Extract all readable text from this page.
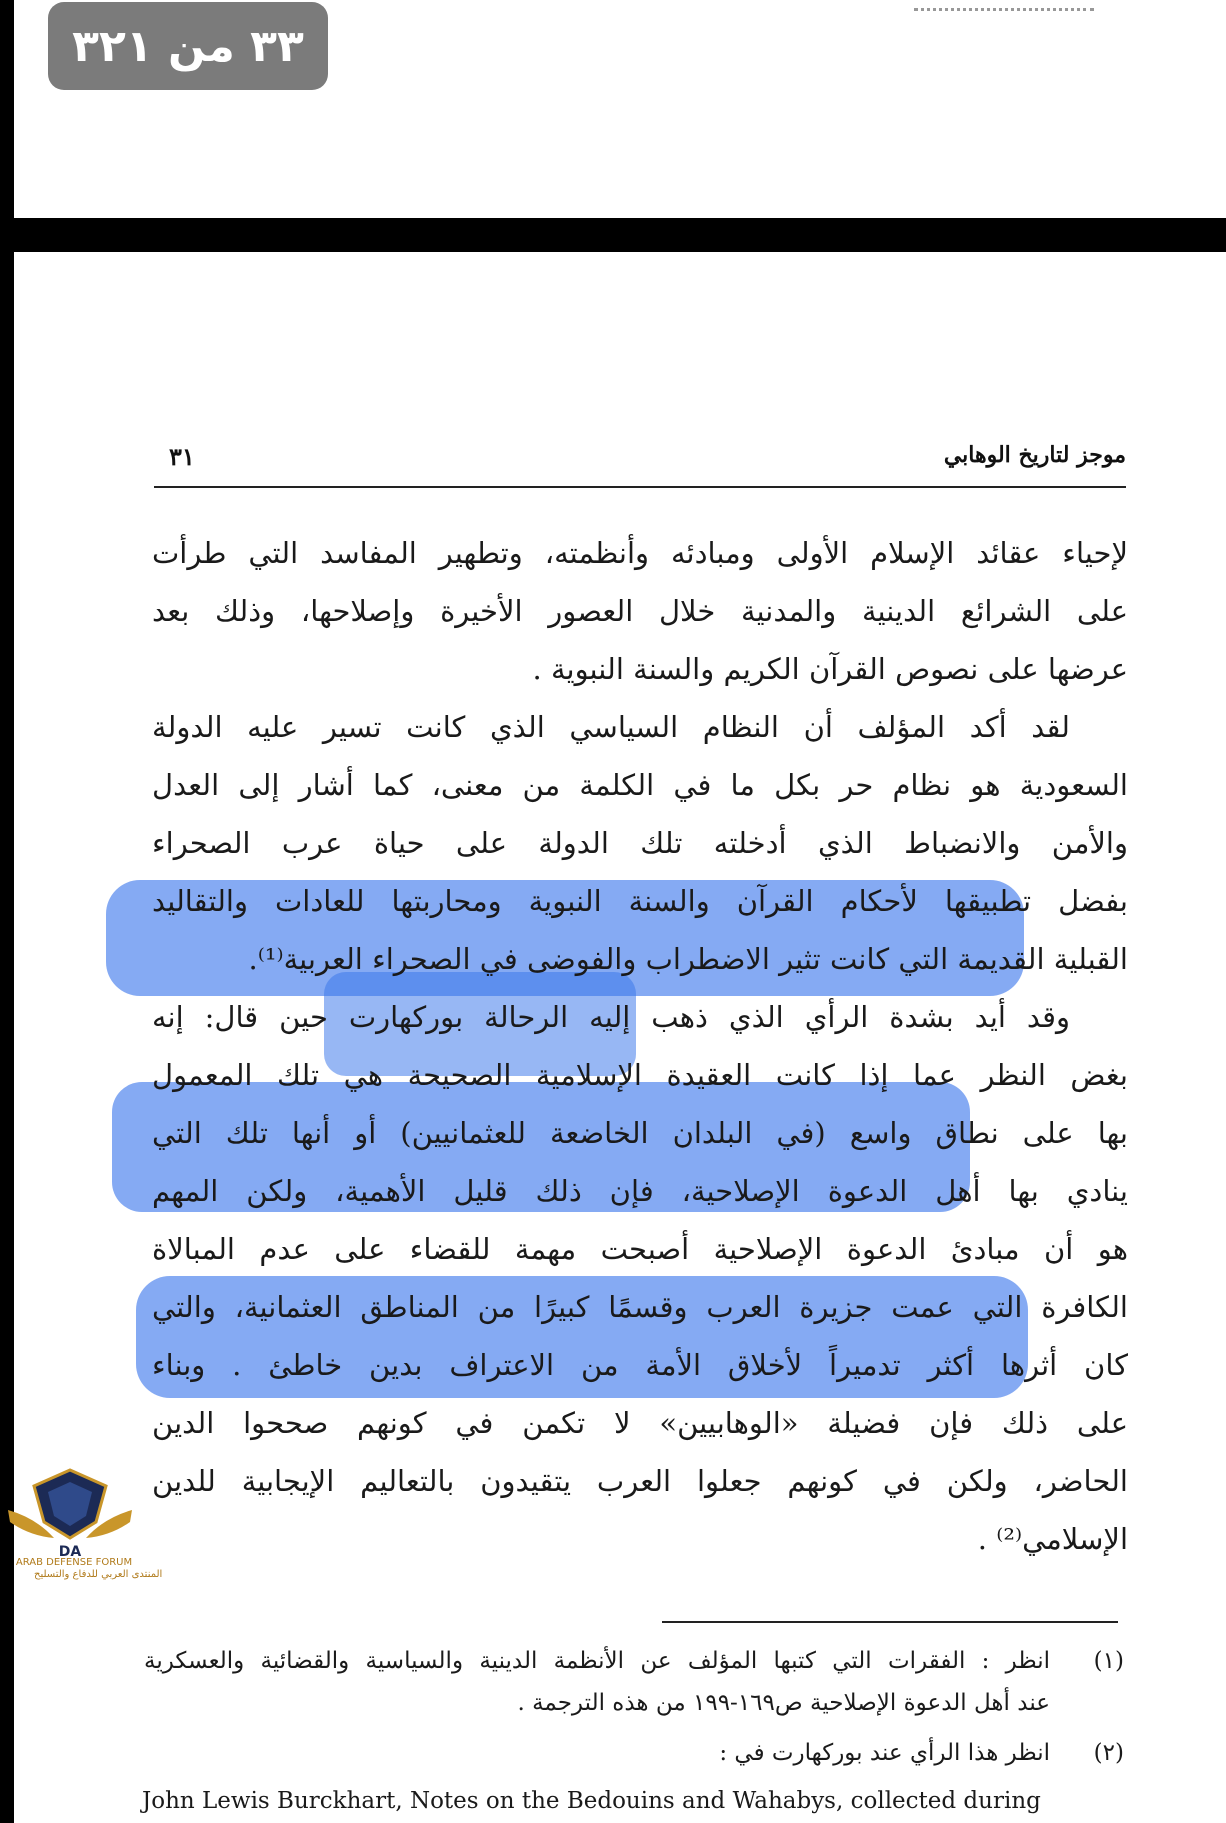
٣٣ من ٣٢١
موجز لتاريخ الوهابي
٣١
لإحياء عقائد الإسلام الأولى ومبادئه وأنظمته، وتطهير المفاسد التي طرأت
على الشرائع الدينية والمدنية خلال العصور الأخيرة وإصلاحها، وذلك بعد
عرضها على نصوص القرآن الكريم والسنة النبوية .
لقد أكد المؤلف أن النظام السياسي الذي كانت تسير عليه الدولة
السعودية هو نظام حر بكل ما في الكلمة من معنى، كما أشار إلى العدل
والأمن والانضباط الذي أدخلته تلك الدولة على حياة عرب الصحراء
بفضل تطبيقها لأحكام القرآن والسنة النبوية ومحاربتها للعادات والتقاليد
القبلية القديمة التي كانت تثير الاضطراب والفوضى في الصحراء العربية⁽¹⁾.
وقد أيد بشدة الرأي الذي ذهب إليه الرحالة بوركهارت حين قال: إنه
بغض النظر عما إذا كانت العقيدة الإسلامية الصحيحة هي تلك المعمول
بها على نطاق واسع (في البلدان الخاضعة للعثمانيين) أو أنها تلك التي
ينادي بها أهل الدعوة الإصلاحية، فإن ذلك قليل الأهمية، ولكن المهم
هو أن مبادئ الدعوة الإصلاحية أصبحت مهمة للقضاء على عدم المبالاة
الكافرة التي عمت جزيرة العرب وقسمًا كبيرًا من المناطق العثمانية، والتي
كان أثرها أكثر تدميراً لأخلاق الأمة من الاعتراف بدين خاطئ . وبناء
على ذلك فإن فضيلة «الوهابيين» لا تكمن في كونهم صححوا الدين
الحاضر، ولكن في كونهم جعلوا العرب يتقيدون بالتعاليم الإيجابية للدين
الإسلامي⁽²⁾ .
(١)
انظر : الفقرات التي كتبها المؤلف عن الأنظمة الدينية والسياسية والقضائية والعسكرية
عند أهل الدعوة الإصلاحية ص١٦٩-١٩٩ من هذه الترجمة .
(٢)
انظر هذا الرأي عند بوركهارت في :
John Lewis Burckhart, Notes on the Bedouins and Wahabys, collected during
DA
ARAB DEFENSE FORUM
المنتدى العربي للدفاع والتسليح
